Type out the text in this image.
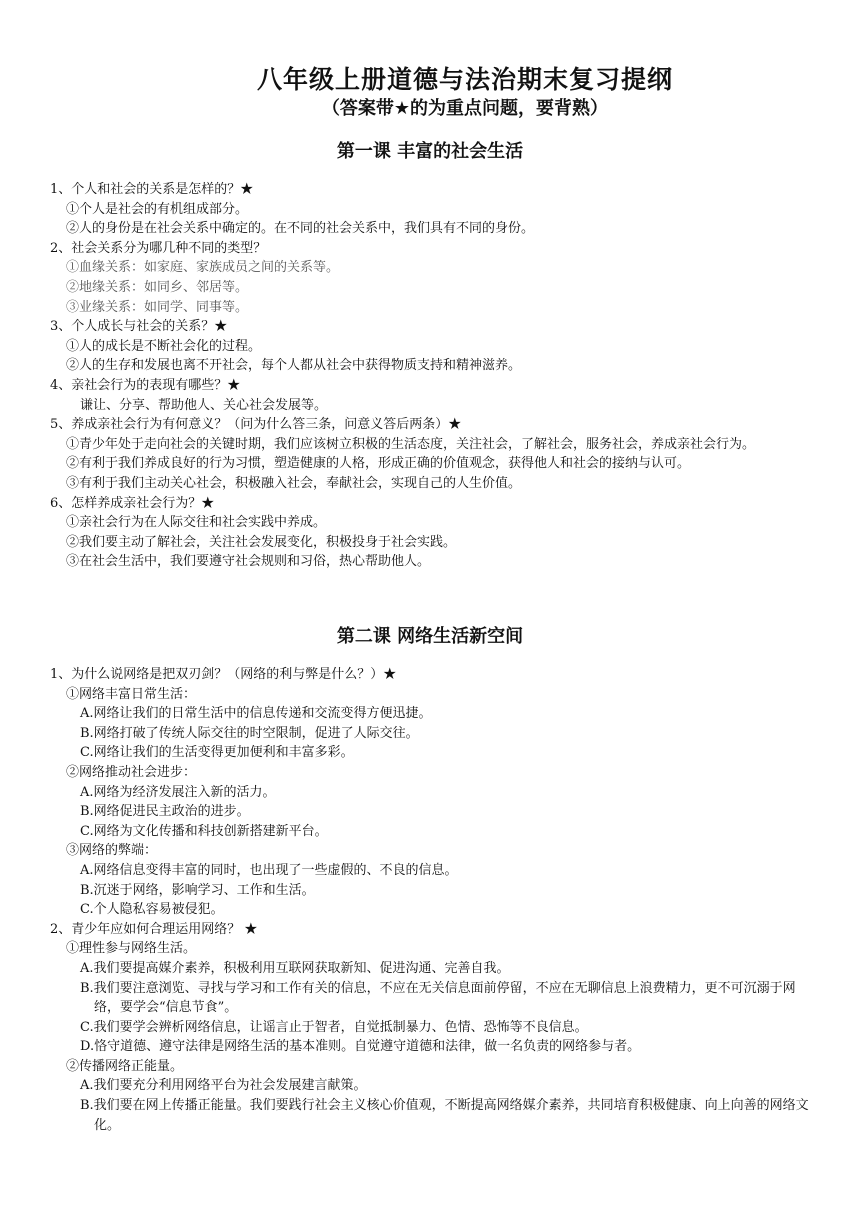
八年级上册道德与法治期末复习提纲
（答案带★的为重点问题，要背熟）
第一课 丰富的社会生活
1、个人和社会的关系是怎样的？★
①个人是社会的有机组成部分。
②人的身份是在社会关系中确定的。在不同的社会关系中，我们具有不同的身份。
2、社会关系分为哪几种不同的类型？
①血缘关系：如家庭、家族成员之间的关系等。
②地缘关系：如同乡、邻居等。
③业缘关系：如同学、同事等。
3、个人成长与社会的关系？★
①人的成长是不断社会化的过程。
②人的生存和发展也离不开社会，每个人都从社会中获得物质支持和精神滋养。
4、亲社会行为的表现有哪些？★
谦让、分享、帮助他人、关心社会发展等。
5、养成亲社会行为有何意义？（问为什么答三条，问意义答后两条）★
①青少年处于走向社会的关键时期，我们应该树立积极的生活态度，关注社会，了解社会，服务社会，养成亲社会行为。
②有利于我们养成良好的行为习惯，塑造健康的人格，形成正确的价值观念，获得他人和社会的接纳与认可。
③有利于我们主动关心社会，积极融入社会，奉献社会，实现自己的人生价值。
6、怎样养成亲社会行为？★
①亲社会行为在人际交往和社会实践中养成。
②我们要主动了解社会，关注社会发展变化，积极投身于社会实践。
③在社会生活中，我们要遵守社会规则和习俗，热心帮助他人。
第二课 网络生活新空间
1、为什么说网络是把双刃剑？（网络的利与弊是什么？）★
①网络丰富日常生活：
A.网络让我们的日常生活中的信息传递和交流变得方便迅捷。
B.网络打破了传统人际交往的时空限制，促进了人际交往。
C.网络让我们的生活变得更加便利和丰富多彩。
②网络推动社会进步：
A.网络为经济发展注入新的活力。
B.网络促进民主政治的进步。
C.网络为文化传播和科技创新搭建新平台。
③网络的弊端：
A.网络信息变得丰富的同时，也出现了一些虚假的、不良的信息。
B.沉迷于网络，影响学习、工作和生活。
C.个人隐私容易被侵犯。
2、青少年应如何合理运用网络？ ★
①理性参与网络生活。
A.我们要提高媒介素养，积极利用互联网获取新知、促进沟通、完善自我。
B.我们要注意浏览、寻找与学习和工作有关的信息，不应在无关信息面前停留，不应在无聊信息上浪费精力，更不可沉溺于网络，要学会“信息节食”。
C.我们要学会辨析网络信息，让谣言止于智者，自觉抵制暴力、色情、恐怖等不良信息。
D.恪守道德、遵守法律是网络生活的基本准则。自觉遵守道德和法律，做一名负责的网络参与者。
②传播网络正能量。
A.我们要充分利用网络平台为社会发展建言献策。
B.我们要在网上传播正能量。我们要践行社会主义核心价值观，不断提高网络媒介素养，共同培育积极健康、向上向善的网络文化。
